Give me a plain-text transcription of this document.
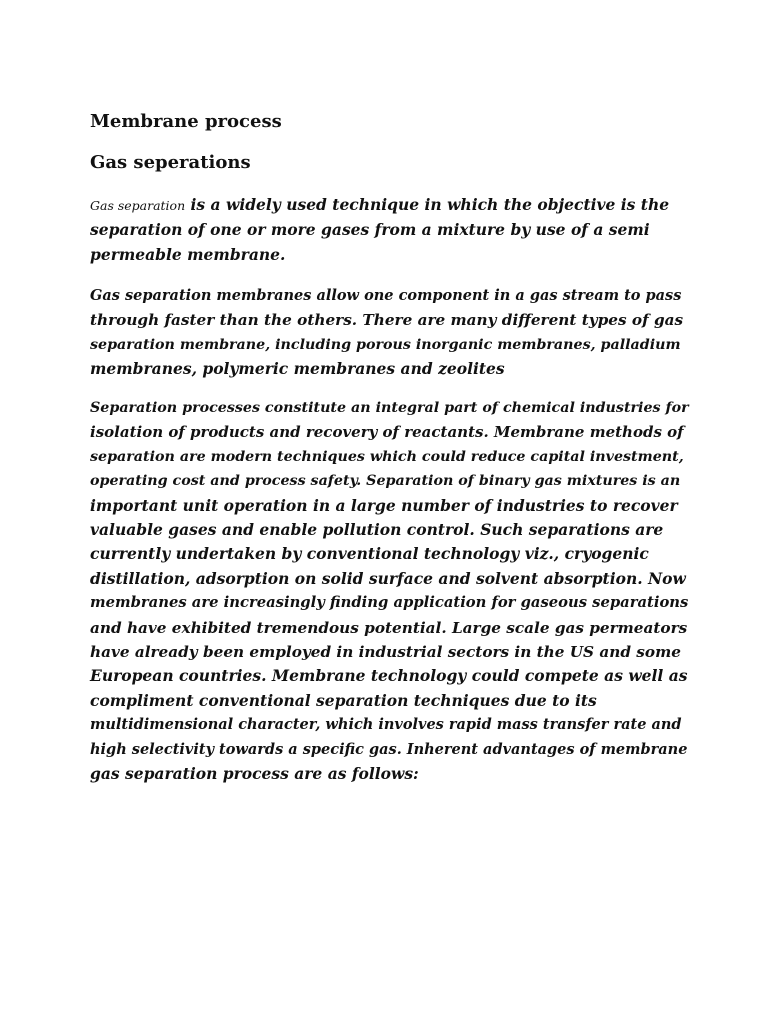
Membrane process
Gas seperations

Gas separation is a widely used technique in which the objective is the
separation of one or more gases from a mixture by use of a semi
permeable membrane.

Gas separation membranes allow one component in a gas stream to pass
through faster than the others. There are many different types of gas
separation membrane, including porous inorganic membranes, palladium
membranes, polymeric membranes and zeolites

Separation processes constitute an integral part of chemical industries for
isolation of products and recovery of reactants. Membrane methods of
separation are modern techniques which could reduce capital investment,
operating cost and process safety. Separation of binary gas mixtures is an
important unit operation in a large number of industries to recover
valuable gases and enable pollution control. Such separations are
currently undertaken by conventional technology viz., cryogenic
distillation, adsorption on solid surface and solvent absorption. Now
membranes are increasingly finding application for gaseous separations
and have exhibited tremendous potential. Large scale gas permeators
have already been employed in industrial sectors in the US and some
European countries. Membrane technology could compete as well as
compliment conventional separation techniques due to its
multidimensional character, which involves rapid mass transfer rate and
high selectivity towards a specific gas. Inherent advantages of membrane
gas separation process are as follows:
